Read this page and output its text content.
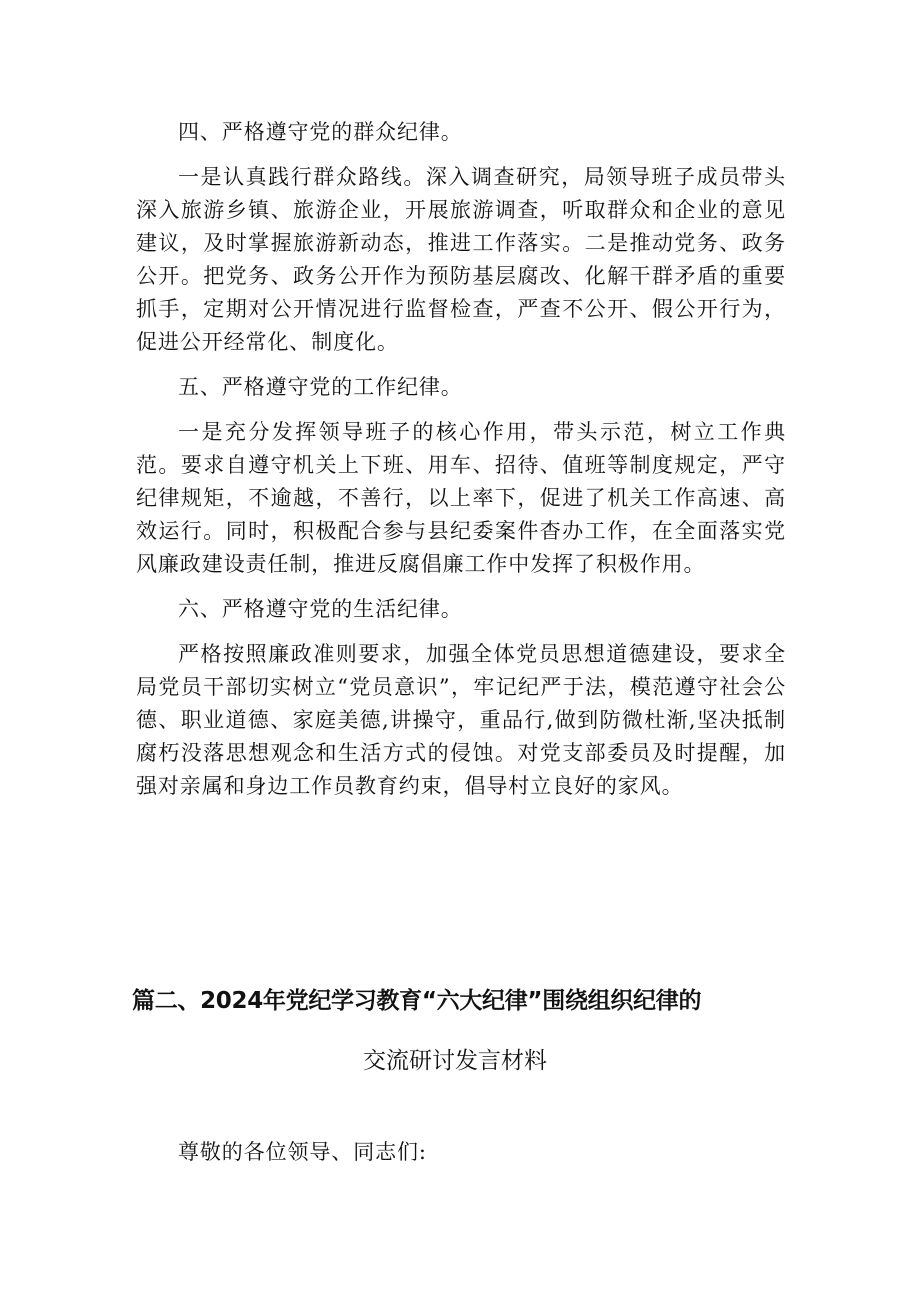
四、严格遵守党的群众纪律。

一是认真践行群众路线。深入调查研究，局领导班子成员带头深入旅游乡镇、旅游企业，开展旅游调查，听取群众和企业的意见建议，及时掌握旅游新动态，推进工作落实。二是推动党务、政务公开。把党务、政务公开作为预防基层腐改、化解干群矛盾的重要抓手，定期对公开情况进行监督检查，严查不公开、假公开行为，促进公开经常化、制度化。

五、严格遵守党的工作纪律。

一是充分发挥领导班子的核心作用，带头示范，树立工作典范。要求自遵守机关上下班、用车、招待、值班等制度规定，严守纪律规矩，不逾越，不善行，以上率下，促进了机关工作高速、高效运行。同时，积极配合参与县纪委案件杳办工作，在全面落实党风廉政建设责任制，推进反腐倡廉工作中发挥了积极作用。

六、严格遵守党的生活纪律。

严格按照廉政准则要求，加强全体党员思想道德建设，要求全局党员干部切实树立“党员意识”，牢记纪严于法，模范遵守社会公德、职业道德、家庭美德,讲操守，重品行,做到防微杜渐,坚决抵制腐朽没落思想观念和生活方式的侵蚀。对党支部委员及时提醒，加强对亲属和身边工作员教育约束，倡导村立良好的家风。

篇二、2024年党纪学习教育“六大纪律”围绕组织纪律的

交流研讨发言材料

尊敬的各位领导、同志们:
